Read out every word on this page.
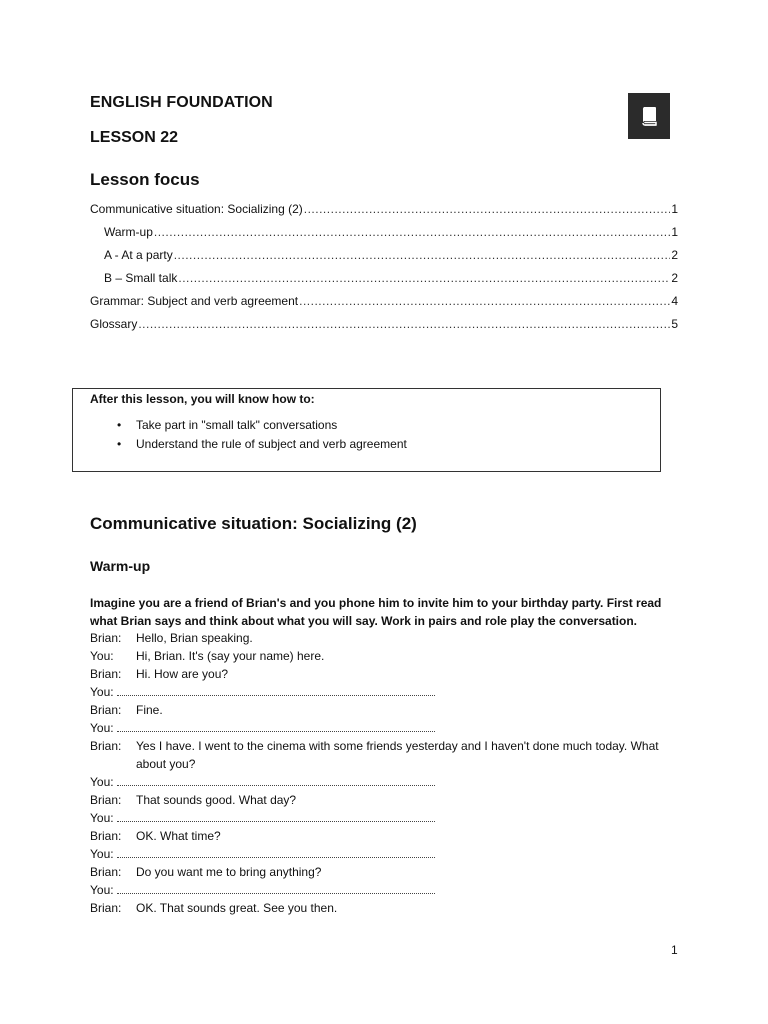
ENGLISH FOUNDATION
LESSON 22
Lesson focus
Communicative situation: Socializing (2) .....	1
Warm-up .....	1
A - At a party .....	2
B – Small talk .....	2
Grammar: Subject and verb agreement .....	4
Glossary .....	5
After this lesson, you will know how to:
• Take part in "small talk" conversations
• Understand the rule of subject and verb agreement
Communicative situation: Socializing (2)
Warm-up
Imagine you are a friend of Brian's and you phone him to invite him to your birthday party. First read what Brian says and think about what you will say. Work in pairs and role play the conversation.
Brian:	Hello, Brian speaking.
You:	Hi, Brian. It's (say your name) here.
Brian:	Hi. How are you?
You:
Brian:	Fine.
You:
Brian:	Yes I have. I went to the cinema with some friends yesterday and I haven't done much today. What about you?
You:
Brian:	That sounds good. What day?
You:
Brian:	OK. What time?
You:
Brian:	Do you want me to bring anything?
You:
Brian:	OK. That sounds great. See you then.
1
